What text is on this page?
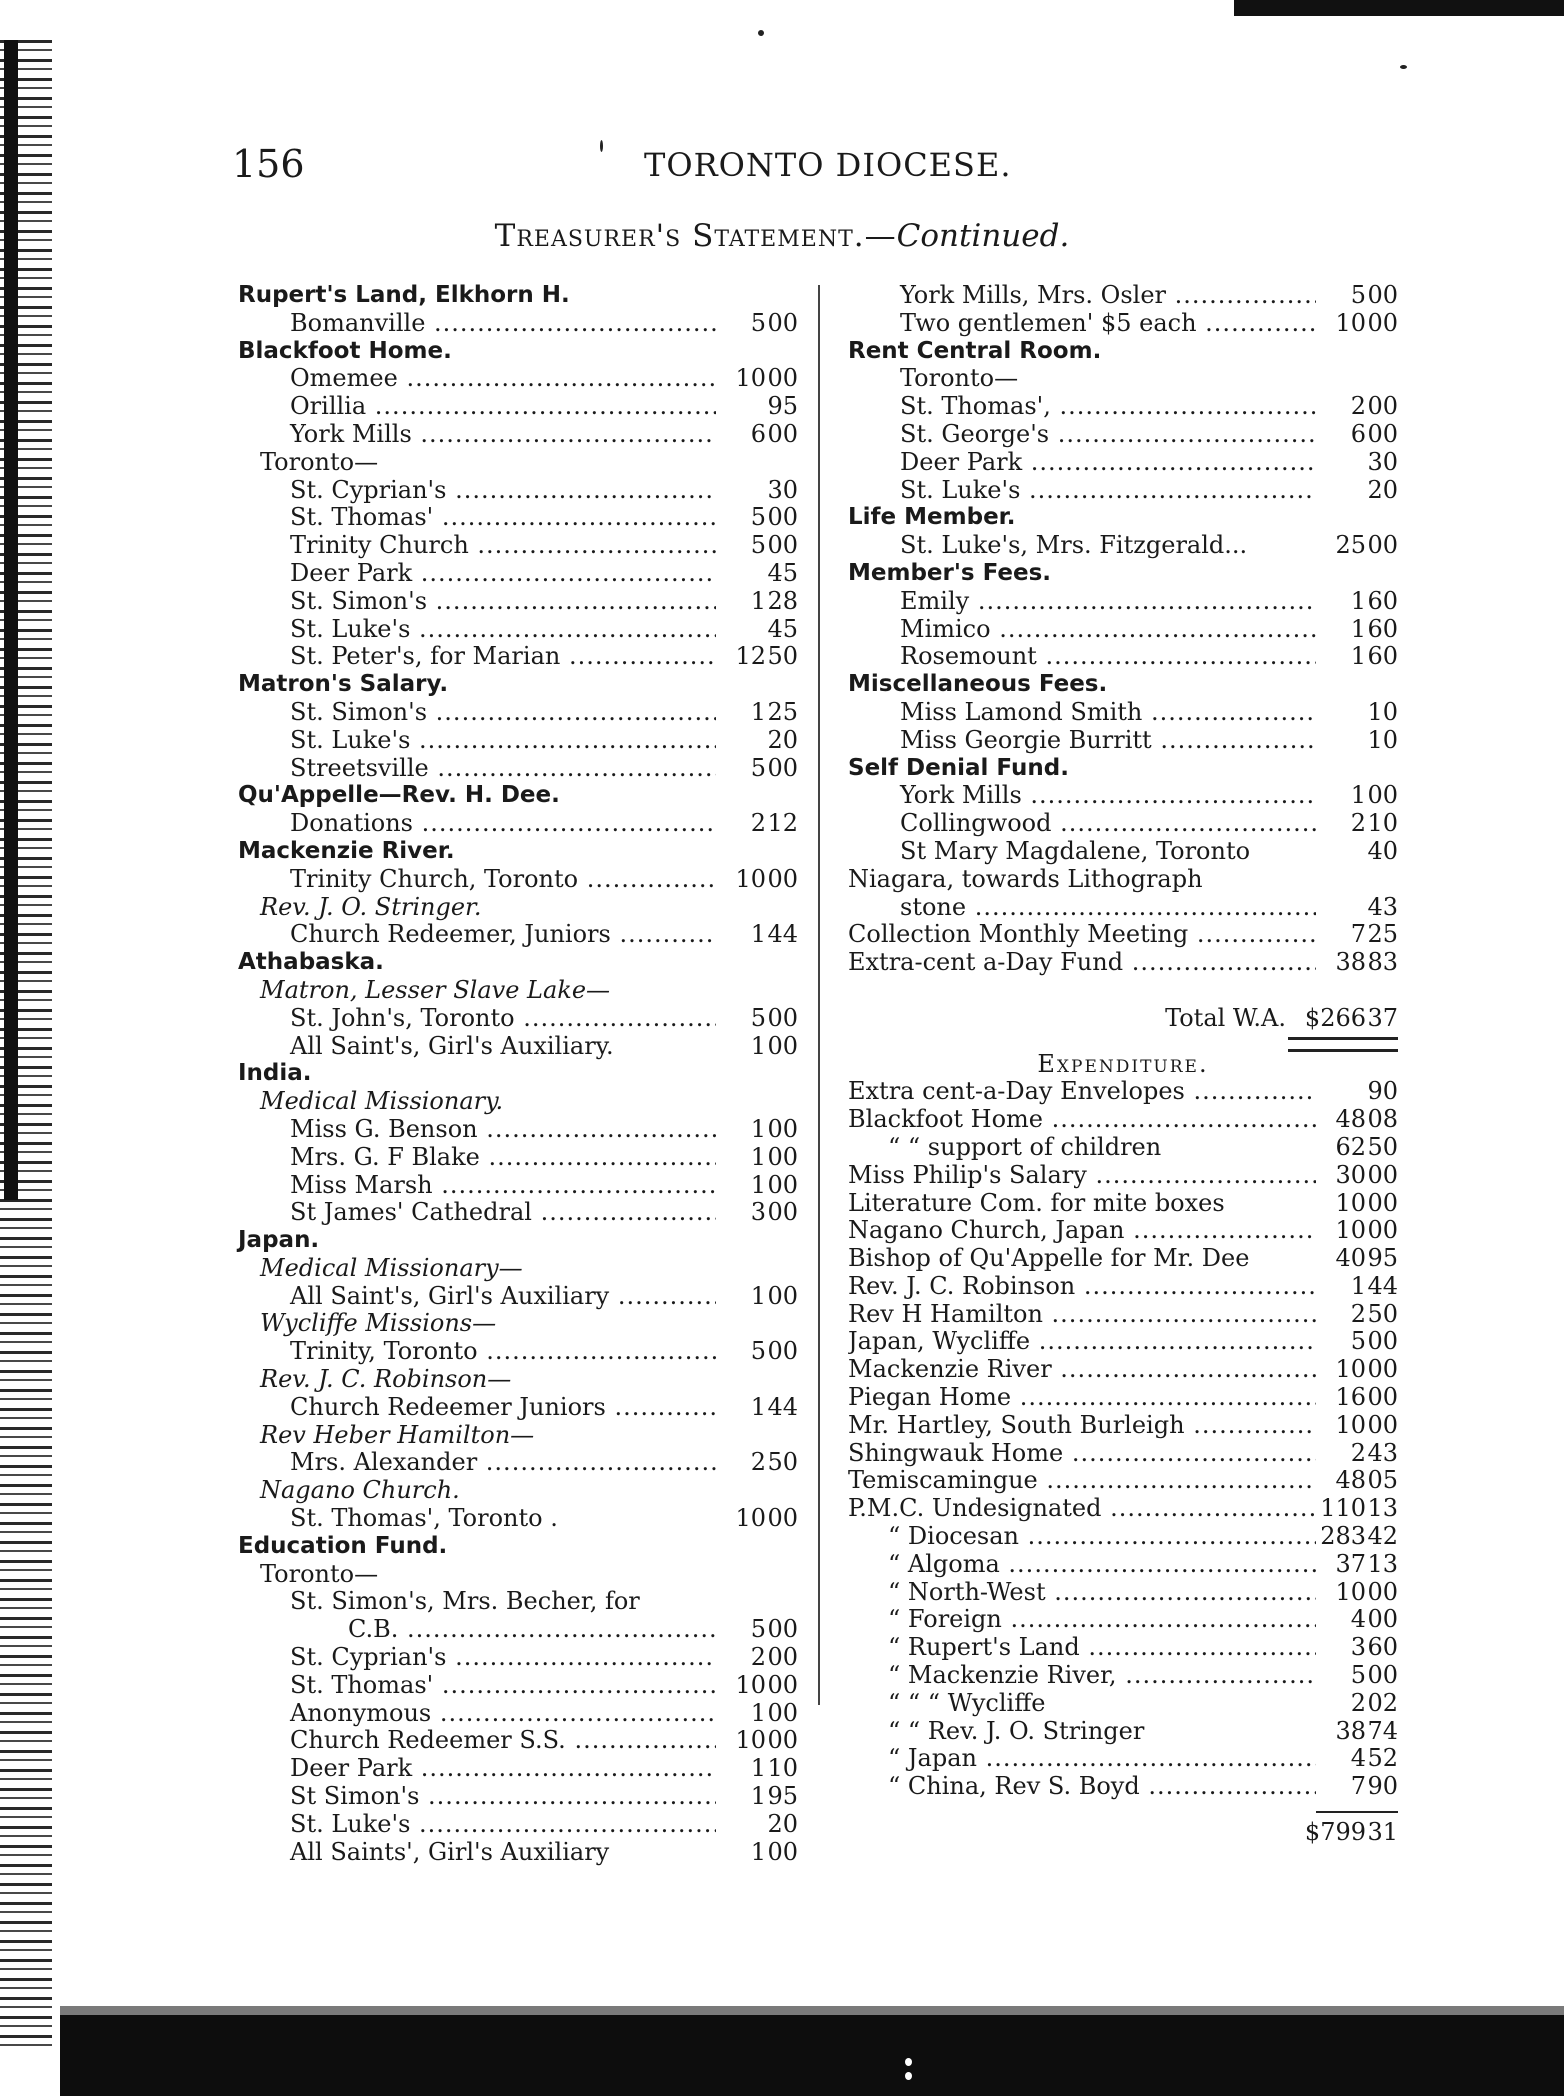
156	TORONTO DIOCESE.
Treasurer's Statement.—Continued.
Rupert's Land, Elkhorn H.
Bomanville .....	5 00
Blackfoot Home.
Omemee .....	10 00
Orillia .....	95
York Mills .....	6 00
Toronto—
St. Cyprian's .....	30
St. Thomas' .....	5 00
Trinity Church .....	5 00
Deer Park .....	45
St. Simon's .....	1 28
St. Luke's .....	45
St. Peter's, for Marian .....	12 50
Matron's Salary.
St. Simon's .....	1 25
St. Luke's .....	20
Streetsville .....	5 00
Qu'Appelle—Rev. H. Dee.
Donations .....	2 12
Mackenzie River.
Trinity Church, Toronto .....	10 00
Rev. J. O. Stringer.
Church Redeemer, Juniors .....	1 44
Athabaska.
Matron, Lesser Slave Lake—
St. John's, Toronto .....	5 00
All Saint's, Girl's Auxiliary.	1 00
India.
Medical Missionary.
Miss G. Benson .....	1 00
Mrs. G. F Blake .....	1 00
Miss Marsh .....	1 00
St James' Cathedral .....	3 00
Japan.
Medical Missionary—
All Saint's, Girl's Auxiliary .....	1 00
Wycliffe Missions—
Trinity, Toronto .....	5 00
Rev. J. C. Robinson—
Church Redeemer Juniors .....	1 44
Rev Heber Hamilton—
Mrs. Alexander .....	2 50
Nagano Church.
St. Thomas', Toronto .	10 00
Education Fund.
Toronto—
St. Simon's, Mrs. Becher, for
C.B. .....	5 00
St. Cyprian's .....	2 00
St. Thomas' .....	10 00
Anonymous .....	1 00
Church Redeemer S.S. .....	10 00
Deer Park .....	1 10
St Simon's .....	1 95
St. Luke's .....	20
All Saints', Girl's Auxiliary	1 00
York Mills, Mrs. Osler .....	5 00
Two gentlemen' $5 each .....	10 00
Rent Central Room.
Toronto—
St. Thomas', .....	2 00
St. George's .....	6 00
Deer Park .....	30
St. Luke's .....	20
Life Member.
St. Luke's, Mrs. Fitzgerald...	25 00
Member's Fees.
Emily .....	1 60
Mimico .....	1 60
Rosemount .....	1 60
Miscellaneous Fees.
Miss Lamond Smith .....	10
Miss Georgie Burritt .....	10
Self Denial Fund.
York Mills .....	1 00
Collingwood .....	2 10
St Mary Magdalene, Toronto	40
Niagara, towards Lithograph
stone .....	43
Collection Monthly Meeting .....	7 25
Extra-cent a-Day Fund .....	38 83
Total W.A. $266 37
Expenditure.
Extra cent-a-Day Envelopes .....	90
Blackfoot Home .....	48 08
“ “ support of children	62 50
Miss Philip's Salary .....	30 00
Literature Com. for mite boxes	10 00
Nagano Church, Japan .....	10 00
Bishop of Qu'Appelle for Mr. Dee	40 95
Rev. J. C. Robinson .....	1 44
Rev H Hamilton .....	2 50
Japan, Wycliffe .....	5 00
Mackenzie River .....	10 00
Piegan Home .....	16 00
Mr. Hartley, South Burleigh .....	10 00
Shingwauk Home .....	2 43
Temiscamingue .....	48 05
P.M.C. Undesignated .....	110 13
“ Diocesan .....	283 42
“ Algoma .....	37 13
“ North-West .....	10 00
“ Foreign .....	4 00
“ Rupert's Land .....	3 60
“ Mackenzie River, .....	5 00
“ “ “ Wycliffe	2 02
“ “ Rev. J. O. Stringer	38 74
“ Japan .....	4 52
“ China, Rev S. Boyd .....	7 90
$799 31
